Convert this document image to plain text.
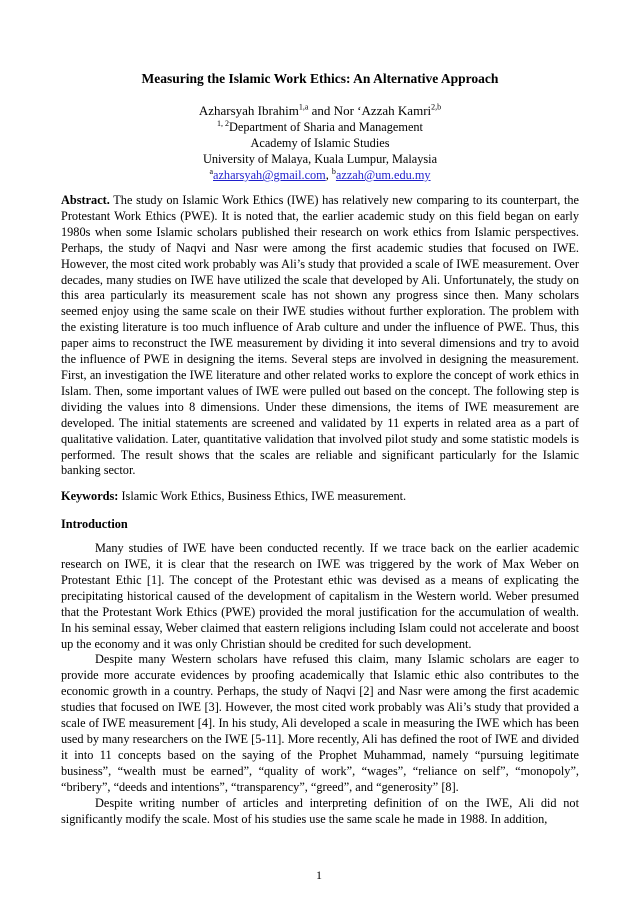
Measuring the Islamic Work Ethics: An Alternative Approach
Azharsyah Ibrahim$^{1,a}$ and Nor ‘Azzah Kamri$^{2,b}$
$^{1, 2}$Department of Sharia and Management
Academy of Islamic Studies
University of Malaya, Kuala Lumpur, Malaysia
$^a$azharsyah@gmail.com, $^b$azzah@um.edu.my

Abstract. The study on Islamic Work Ethics (IWE) has relatively new comparing to its counterpart, the Protestant Work Ethics (PWE). It is noted that, the earlier academic study on this field began on early 1980s when some Islamic scholars published their research on work ethics from Islamic perspectives. Perhaps, the study of Naqvi and Nasr were among the first academic studies that focused on IWE. However, the most cited work probably was Ali’s study that provided a scale of IWE measurement. Over decades, many studies on IWE have utilized the scale that developed by Ali. Unfortunately, the study on this area particularly its measurement scale has not shown any progress since then. Many scholars seemed enjoy using the same scale on their IWE studies without further exploration. The problem with the existing literature is too much influence of Arab culture and under the influence of PWE. Thus, this paper aims to reconstruct the IWE measurement by dividing it into several dimensions and try to avoid the influence of PWE in designing the items. Several steps are involved in designing the measurement. First, an investigation the IWE literature and other related works to explore the concept of work ethics in Islam. Then, some important values of IWE were pulled out based on the concept. The following step is dividing the values into 8 dimensions. Under these dimensions, the items of IWE measurement are developed. The initial statements are screened and validated by 11 experts in related area as a part of qualitative validation. Later, quantitative validation that involved pilot study and some statistic models is performed. The result shows that the scales are reliable and significant particularly for the Islamic banking sector.

Keywords: Islamic Work Ethics, Business Ethics, IWE measurement.
Introduction

Many studies of IWE have been conducted recently. If we trace back on the earlier academic research on IWE, it is clear that the research on IWE was triggered by the work of Max Weber on Protestant Ethic [1]. The concept of the Protestant ethic was devised as a means of explicating the precipitating historical caused of the development of capitalism in the Western world. Weber presumed that the Protestant Work Ethics (PWE) provided the moral justification for the accumulation of wealth. In his seminal essay, Weber claimed that eastern religions including Islam could not accelerate and boost up the economy and it was only Christian should be credited for such development.

Despite many Western scholars have refused this claim, many Islamic scholars are eager to provide more accurate evidences by proofing academically that Islamic ethic also contributes to the economic growth in a country. Perhaps, the study of Naqvi [2] and Nasr were among the first academic studies that focused on IWE [3]. However, the most cited work probably was Ali’s study that provided a scale of IWE measurement [4]. In his study, Ali developed a scale in measuring the IWE which has been used by many researchers on the IWE [5-11]. More recently, Ali has defined the root of IWE and divided it into 11 concepts based on the saying of the Prophet Muhammad, namely “pursuing legitimate business”, “wealth must be earned”, “quality of work”, “wages”, “reliance on self”, “monopoly”, “bribery”, “deeds and intentions”, “transparency”, “greed”, and “generosity” [8].

Despite writing number of articles and interpreting definition of on the IWE, Ali did not significantly modify the scale. Most of his studies use the same scale he made in 1988. In addition,

1
